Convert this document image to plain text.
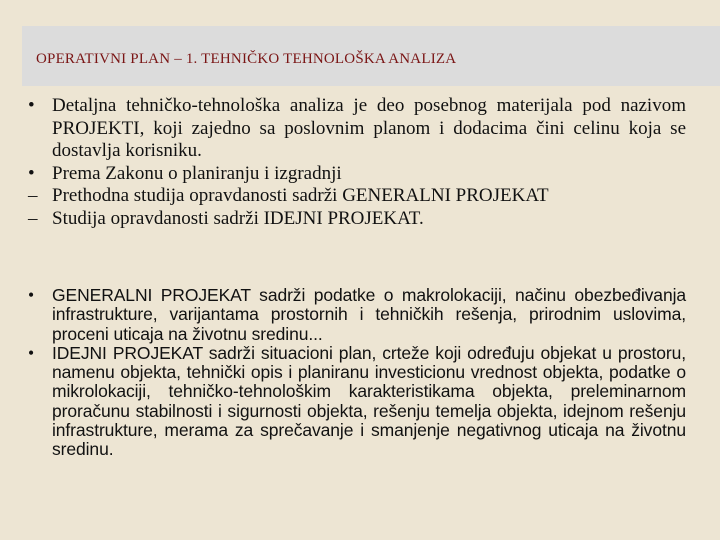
OPERATIVNI PLAN – 1. TEHNIČKO TEHNOLOŠKA ANALIZA
• Detaljna tehničko-tehnološka analiza je deo posebnog materijala pod nazivom PROJEKTI, koji zajedno sa poslovnim planom i dodacima čini celinu koja se dostavlja korisniku.
• Prema Zakonu o planiranju i izgradnji
– Prethodna studija opravdanosti sadrži GENERALNI PROJEKAT
– Studija opravdanosti sadrži IDEJNI PROJEKAT.
•	GENERALNI PROJEKAT sadrži podatke o makrolokaciji, načinu obezbeđivanja infrastrukture, varijantama prostornih i tehničkih rešenja, prirodnim uslovima, proceni uticaja na životnu sredinu...
•	IDEJNI PROJEKAT sadrži situacioni plan, crteže koji određuju objekat u prostoru, namenu objekta, tehnički opis i planiranu investicionu vrednost objekta, podatke o mikrolokaciji, tehničko-tehnološkim karakteristikama objekta, preleminarnom proračunu stabilnosti i sigurnosti objekta, rešenju temelja objekta, idejnom rešenju infrastrukture, merama za sprečavanje i smanjenje negativnog uticaja na životnu sredinu.
